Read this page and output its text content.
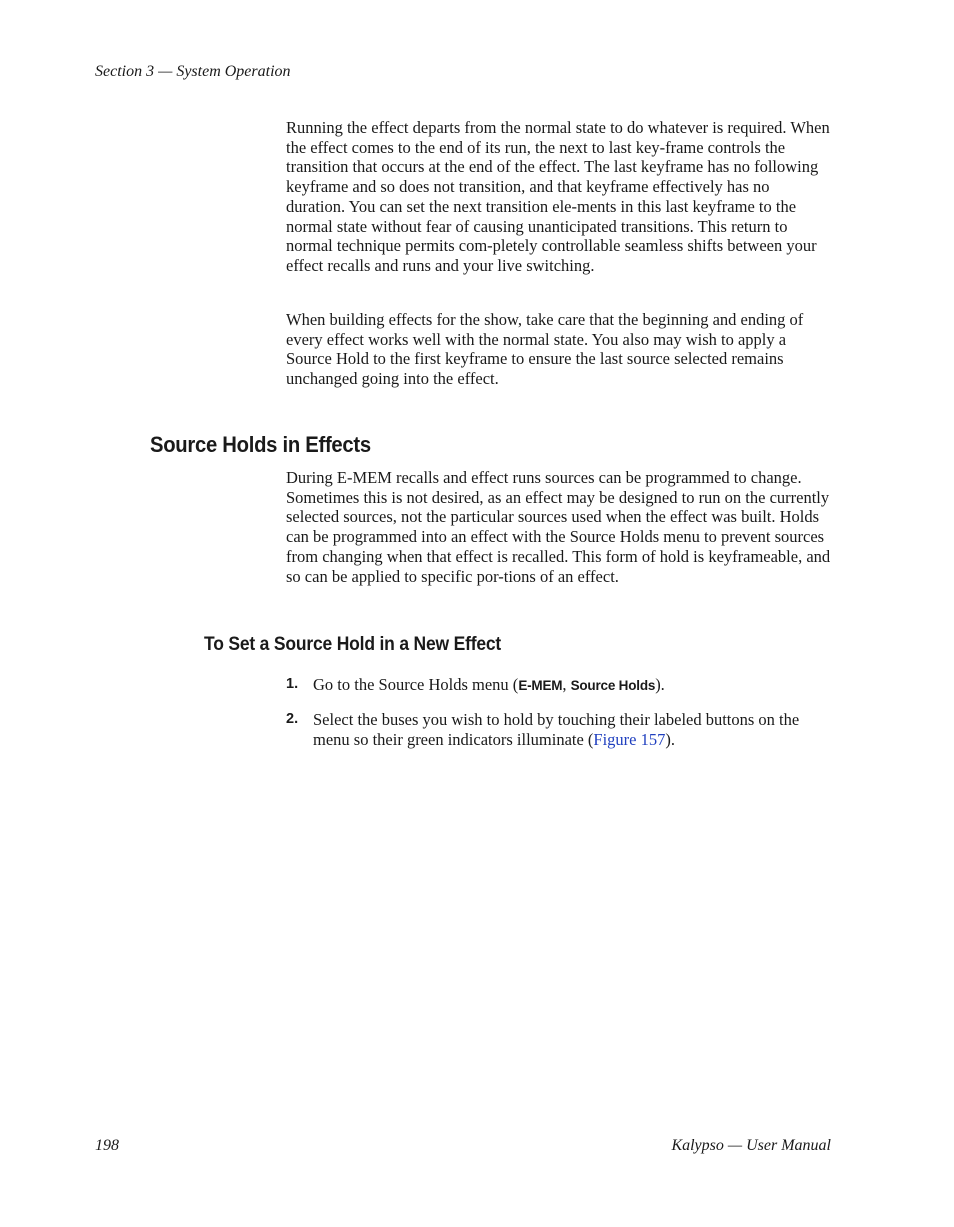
Section 3 — System Operation

Running the effect departs from the normal state to do whatever is required. When the effect comes to the end of its run, the next to last key-frame controls the transition that occurs at the end of the effect. The last keyframe has no following keyframe and so does not transition, and that keyframe effectively has no duration. You can set the next transition ele-ments in this last keyframe to the normal state without fear of causing unanticipated transitions. This return to normal technique permits com-pletely controllable seamless shifts between your effect recalls and runs and your live switching.

When building effects for the show, take care that the beginning and ending of every effect works well with the normal state. You also may wish to apply a Source Hold to the first keyframe to ensure the last source selected remains unchanged going into the effect.

Source Holds in Effects

During E-MEM recalls and effect runs sources can be programmed to change. Sometimes this is not desired, as an effect may be designed to run on the currently selected sources, not the particular sources used when the effect was built. Holds can be programmed into an effect with the Source Holds menu to prevent sources from changing when that effect is recalled. This form of hold is keyframeable, and so can be applied to specific por-tions of an effect.

To Set a Source Hold in a New Effect
1. Go to the Source Holds menu (E-MEM, Source Holds).
2. Select the buses you wish to hold by touching their labeled buttons on the menu so their green indicators illuminate (Figure 157).
198	Kalypso — User Manual
